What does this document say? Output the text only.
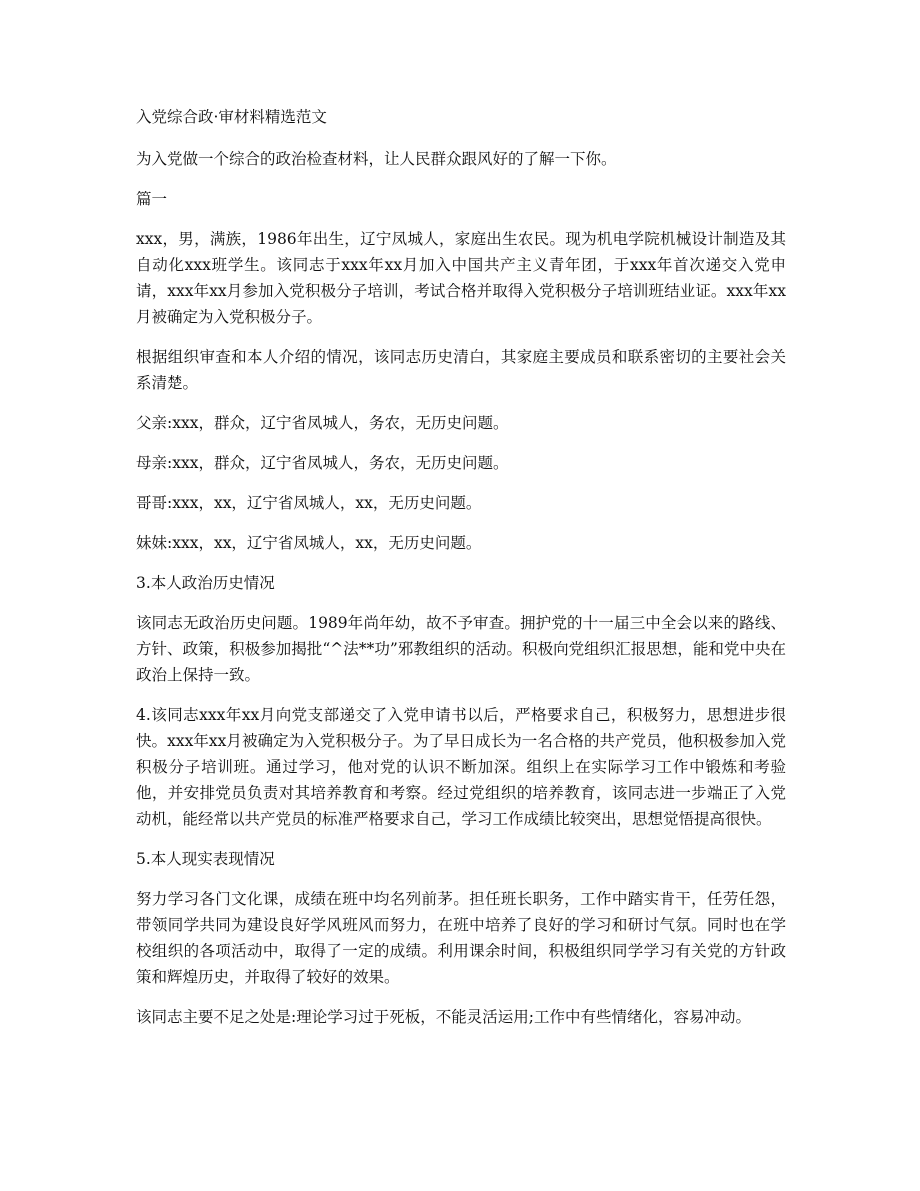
入党综合政·审材料精选范文

为入党做一个综合的政治检查材料，让人民群众跟风好的了解一下你。

篇一

xxx，男，满族，1986年出生，辽宁凤城人，家庭出生农民。现为机电学院机械设计制造及其自动化xxx班学生。该同志于xxx年xx月加入中国共产主义青年团，于xxx年首次递交入党申请，xxx年xx月参加入党积极分子培训，考试合格并取得入党积极分子培训班结业证。xxx年xx月被确定为入党积极分子。

根据组织审查和本人介绍的情况，该同志历史清白，其家庭主要成员和联系密切的主要社会关系清楚。

父亲:xxx，群众，辽宁省凤城人，务农，无历史问题。

母亲:xxx，群众，辽宁省凤城人，务农，无历史问题。

哥哥:xxx，xx，辽宁省凤城人，xx，无历史问题。

妹妹:xxx，xx，辽宁省凤城人，xx，无历史问题。

3.本人政治历史情况

该同志无政治历史问题。1989年尚年幼，故不予审查。拥护党的十一届三中全会以来的路线、方针、政策，积极参加揭批“^法**功”邪教组织的活动。积极向党组织汇报思想，能和党中央在政治上保持一致。

4.该同志xxx年xx月向党支部递交了入党申请书以后，严格要求自己，积极努力，思想进步很快。xxx年xx月被确定为入党积极分子。为了早日成长为一名合格的共产党员，他积极参加入党积极分子培训班。通过学习，他对党的认识不断加深。组织上在实际学习工作中锻炼和考验他，并安排党员负责对其培养教育和考察。经过党组织的培养教育，该同志进一步端正了入党动机，能经常以共产党员的标准严格要求自己，学习工作成绩比较突出，思想觉悟提高很快。

5.本人现实表现情况

努力学习各门文化课，成绩在班中均名列前茅。担任班长职务，工作中踏实肯干，任劳任怨，带领同学共同为建设良好学风班风而努力，在班中培养了良好的学习和研讨气氛。同时也在学校组织的各项活动中，取得了一定的成绩。利用课余时间，积极组织同学学习有关党的方针政策和辉煌历史，并取得了较好的效果。

该同志主要不足之处是:理论学习过于死板，不能灵活运用;工作中有些情绪化，容易冲动。
